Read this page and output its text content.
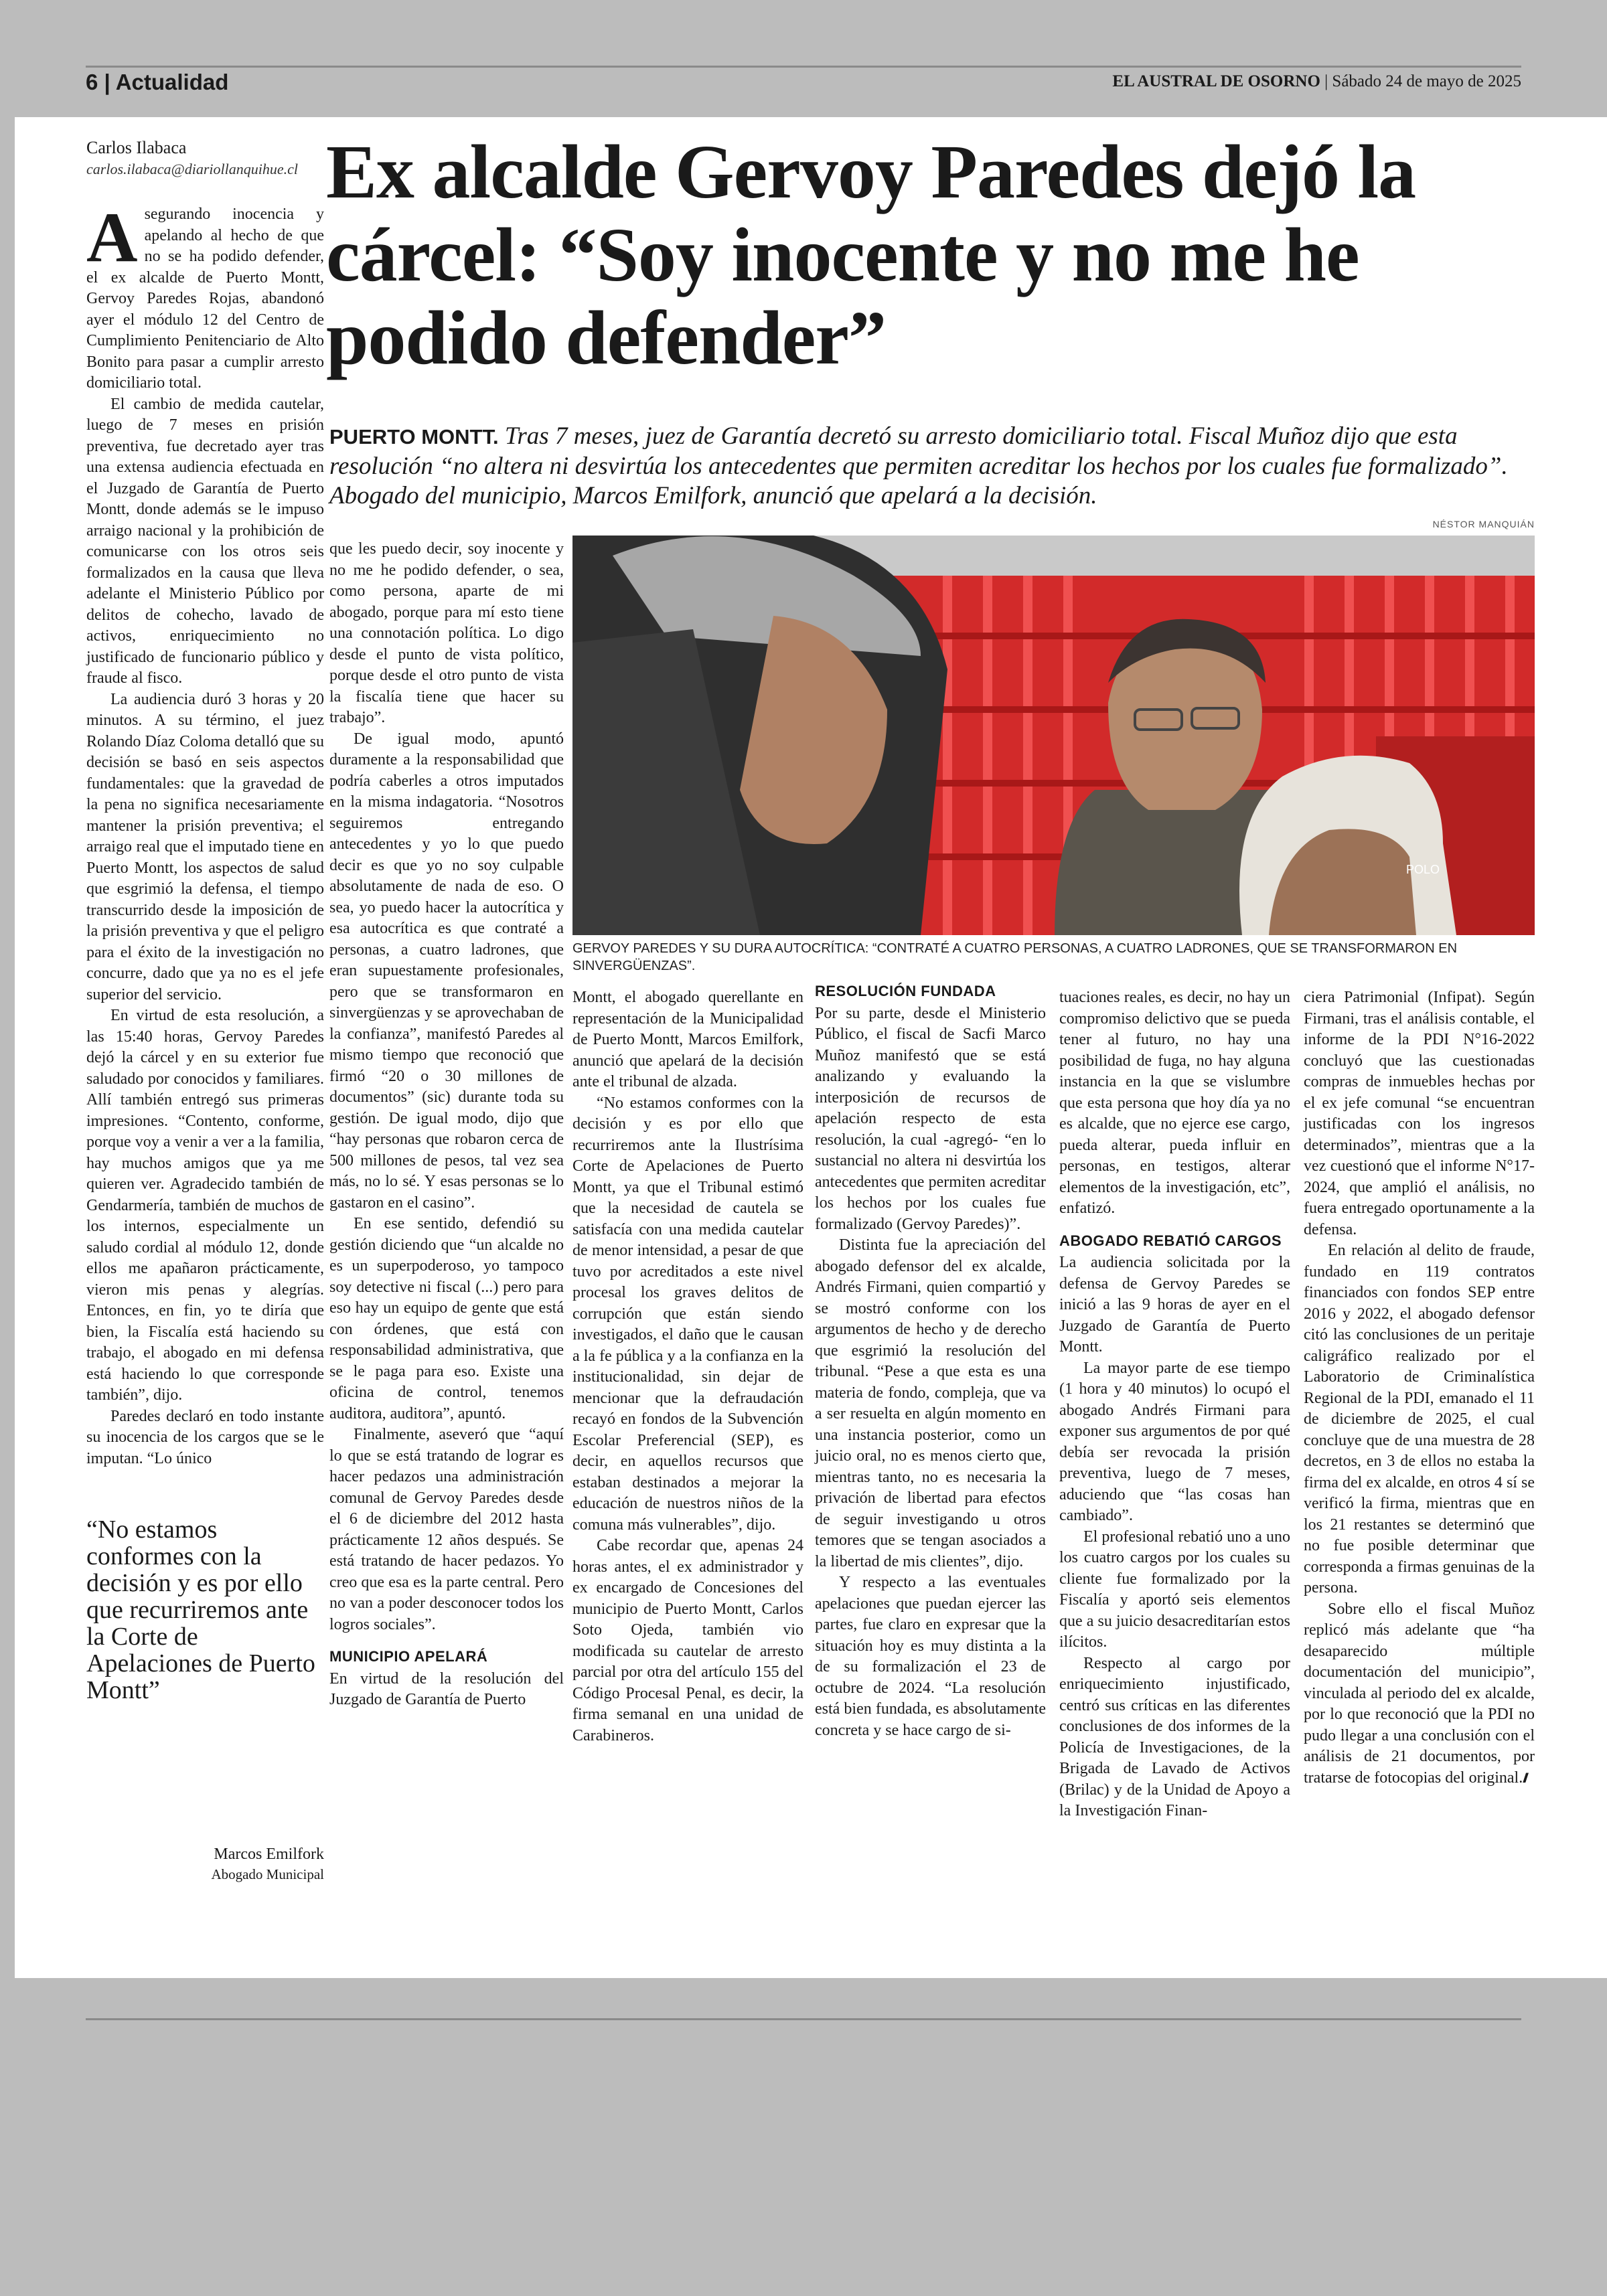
6 | Actualidad	EL AUSTRAL DE OSORNO | Sábado 24 de mayo de 2025
Carlos Ilabaca
carlos.ilabaca@diariollanquihue.cl Ex alcalde Gervoy Paredes dejó la cárcel: “Soy inocente y no me he podido defender”
PUERTO MONTT. Tras 7 meses, juez de Garantía decretó su arresto domiciliario total. Fiscal Muñoz dijo que esta resolución “no altera ni desvirtúa los antecedentes que permiten acreditar los hechos por los cuales fue formalizado”. Abogado del municipio, Marcos Emilfork, anunció que apelará a la decisión.
NÉSTOR MANQUIÁN
POLO
GERVOY PAREDES Y SU DURA AUTOCRÍTICA: “CONTRATÉ A CUATRO PERSONAS, A CUATRO LADRONES, QUE SE TRANSFORMARON EN SINVERGÜENZAS”.

Asegurando inocencia y apelando al hecho de que no se ha podido defender, el ex alcalde de Puerto Montt, Gervoy Paredes Rojas, abandonó ayer el módulo 12 del Centro de Cumplimiento Penitenciario de Alto Bonito para pasar a cumplir arresto domiciliario total.

El cambio de medida cautelar, luego de 7 meses en prisión preventiva, fue decretado ayer tras una extensa audiencia efectuada en el Juzgado de Garantía de Puerto Montt, donde además se le impuso arraigo nacional y la prohibición de comunicarse con los otros seis formalizados en la causa que lleva adelante el Ministerio Público por delitos de cohecho, lavado de activos, enriquecimiento no justificado de funcionario público y fraude al fisco.

La audiencia duró 3 horas y 20 minutos. A su término, el juez Rolando Díaz Coloma detalló que su decisión se basó en seis aspectos fundamentales: que la gravedad de la pena no significa necesariamente mantener la prisión preventiva; el arraigo real que el imputado tiene en Puerto Montt, los aspectos de salud que esgrimió la defensa, el tiempo transcurrido desde la imposición de la prisión preventiva y que el peligro para el éxito de la investigación no concurre, dado que ya no es el jefe superior del servicio.

En virtud de esta resolución, a las 15:40 horas, Gervoy Paredes dejó la cárcel y en su exterior fue saludado por conocidos y familiares. Allí también entregó sus primeras impresiones. “Contento, conforme, porque voy a venir a ver a la familia, hay muchos amigos que ya me quieren ver. Agradecido también de Gendarmería, también de muchos de los internos, especialmente un saludo cordial al módulo 12, donde ellos me apañaron prácticamente, vieron mis penas y alegrías. Entonces, en fin, yo te diría que bien, la Fiscalía está haciendo su trabajo, el abogado en mi defensa está haciendo lo que corresponde también”, dijo.

Paredes declaró en todo instante su inocencia de los cargos que se le imputan. “Lo único

“No estamos conformes con la decisión y es por ello que recurriremos ante la Corte de Apelaciones de Puerto Montt”
Marcos Emilfork
Abogado Municipal

que les puedo decir, soy inocente y no me he podido defender, o sea, como persona, aparte de mi abogado, porque para mí esto tiene una connotación política. Lo digo desde el punto de vista político, porque desde el otro punto de vista la fiscalía tiene que hacer su trabajo”.

De igual modo, apuntó duramente a la responsabilidad que podría caberles a otros imputados en la misma indagatoria. “Nosotros seguiremos entregando antecedentes y yo lo que puedo decir es que yo no soy culpable absolutamente de nada de eso. O sea, yo puedo hacer la autocrítica y esa autocrítica es que contraté a personas, a cuatro ladrones, que eran supuestamente profesionales, pero que se transformaron en sinvergüenzas y se aprovechaban de la confianza”, manifestó Paredes al mismo tiempo que reconoció que firmó “20 o 30 millones de documentos” (sic) durante toda su gestión. De igual modo, dijo que “hay personas que robaron cerca de 500 millones de pesos, tal vez sea más, no lo sé. Y esas personas se lo gastaron en el casino”.

En ese sentido, defendió su gestión diciendo que “un alcalde no es un superpoderoso, yo tampoco soy detective ni fiscal (...) pero para eso hay un equipo de gente que está con órdenes, que está con responsabilidad administrativa, que se le paga para eso. Existe una oficina de control, tenemos auditora, auditora”, apuntó.

Finalmente, aseveró que “aquí lo que se está tratando de lograr es hacer pedazos una administración comunal de Gervoy Paredes desde el 6 de diciembre del 2012 hasta prácticamente 12 años después. Se está tratando de hacer pedazos. Yo creo que esa es la parte central. Pero no van a poder desconocer todos los logros sociales”.

MUNICIPIO APELARÁ

En virtud de la resolución del Juzgado de Garantía de Puerto

Montt, el abogado querellante en representación de la Municipalidad de Puerto Montt, Marcos Emilfork, anunció que apelará de la decisión ante el tribunal de alzada.

“No estamos conformes con la decisión y es por ello que recurriremos ante la Ilustrísima Corte de Apelaciones de Puerto Montt, ya que el Tribunal estimó que la necesidad de cautela se satisfacía con una medida cautelar de menor intensidad, a pesar de que tuvo por acreditados a este nivel procesal los graves delitos de corrupción que están siendo investigados, el daño que le causan a la fe pública y a la confianza en la institucionalidad, sin dejar de mencionar que la defraudación recayó en fondos de la Subvención Escolar Preferencial (SEP), es decir, en aquellos recursos que estaban destinados a mejorar la educación de nuestros niños de la comuna más vulnerables”, dijo.

Cabe recordar que, apenas 24 horas antes, el ex administrador y ex encargado de Concesiones del municipio de Puerto Montt, Carlos Soto Ojeda, también vio modificada su cautelar de arresto parcial por otra del artículo 155 del Código Procesal Penal, es decir, la firma semanal en una unidad de Carabineros.

RESOLUCIÓN FUNDADA

Por su parte, desde el Ministerio Público, el fiscal de Sacfi Marco Muñoz manifestó que se está analizando y evaluando la interposición de recursos de apelación respecto de esta resolución, la cual -agregó- “en lo sustancial no altera ni desvirtúa los antecedentes que permiten acreditar los hechos por los cuales fue formalizado (Gervoy Paredes)”.

Distinta fue la apreciación del abogado defensor del ex alcalde, Andrés Firmani, quien compartió y se mostró conforme con los argumentos de hecho y de derecho que esgrimió la resolución del tribunal. “Pese a que esta es una materia de fondo, compleja, que va a ser resuelta en algún momento en una instancia posterior, como un juicio oral, no es menos cierto que, mientras tanto, no es necesaria la privación de libertad para efectos de seguir investigando u otros temores que se tengan asociados a la libertad de mis clientes”, dijo.

Y respecto a las eventuales apelaciones que puedan ejercer las partes, fue claro en expresar que la situación hoy es muy distinta a la de su formalización el 23 de octubre de 2024. “La resolución está bien fundada, es absolutamente concreta y se hace cargo de si-

tuaciones reales, es decir, no hay un compromiso delictivo que se pueda tener al futuro, no hay una posibilidad de fuga, no hay alguna instancia en la que se vislumbre que esta persona que hoy día ya no es alcalde, que no ejerce ese cargo, pueda alterar, pueda influir en personas, en testigos, alterar elementos de la investigación, etc”, enfatizó.

ABOGADO REBATIÓ CARGOS

La audiencia solicitada por la defensa de Gervoy Paredes se inició a las 9 horas de ayer en el Juzgado de Garantía de Puerto Montt.

La mayor parte de ese tiempo (1 hora y 40 minutos) lo ocupó el abogado Andrés Firmani para exponer sus argumentos de por qué debía ser revocada la prisión preventiva, luego de 7 meses, aduciendo que “las cosas han cambiado”.

El profesional rebatió uno a uno los cuatro cargos por los cuales su cliente fue formalizado por la Fiscalía y aportó seis elementos que a su juicio desacreditarían estos ilícitos.

Respecto al cargo por enriquecimiento injustificado, centró sus críticas en las diferentes conclusiones de dos informes de la Policía de Investigaciones, de la Brigada de Lavado de Activos (Brilac) y de la Unidad de Apoyo a la Investigación Finan-

ciera Patrimonial (Infipat). Según Firmani, tras el análisis contable, el informe de la PDI N°16-2022 concluyó que las cuestionadas compras de inmuebles hechas por el ex jefe comunal “se encuentran justificadas con los ingresos determinados”, mientras que a la vez cuestionó que el informe N°17-2024, que amplió el análisis, no fuera entregado oportunamente a la defensa.

En relación al delito de fraude, fundado en 119 contratos financiados con fondos SEP entre 2016 y 2022, el abogado defensor citó las conclusiones de un peritaje caligráfico realizado por el Laboratorio de Criminalística Regional de la PDI, emanado el 11 de diciembre de 2025, el cual concluye que de una muestra de 28 decretos, en 3 de ellos no estaba la firma del ex alcalde, en otros 4 sí se verificó la firma, mientras que en los 21 restantes se determinó que no fue posible determinar que corresponda a firmas genuinas de la persona.

Sobre ello el fiscal Muñoz replicó más adelante que “ha desaparecido múltiple documentación del municipio”, vinculada al periodo del ex alcalde, por lo que reconoció que la PDI no pudo llegar a una conclusión con el análisis de 21 documentos, por tratarse de fotocopias del original.🙼
